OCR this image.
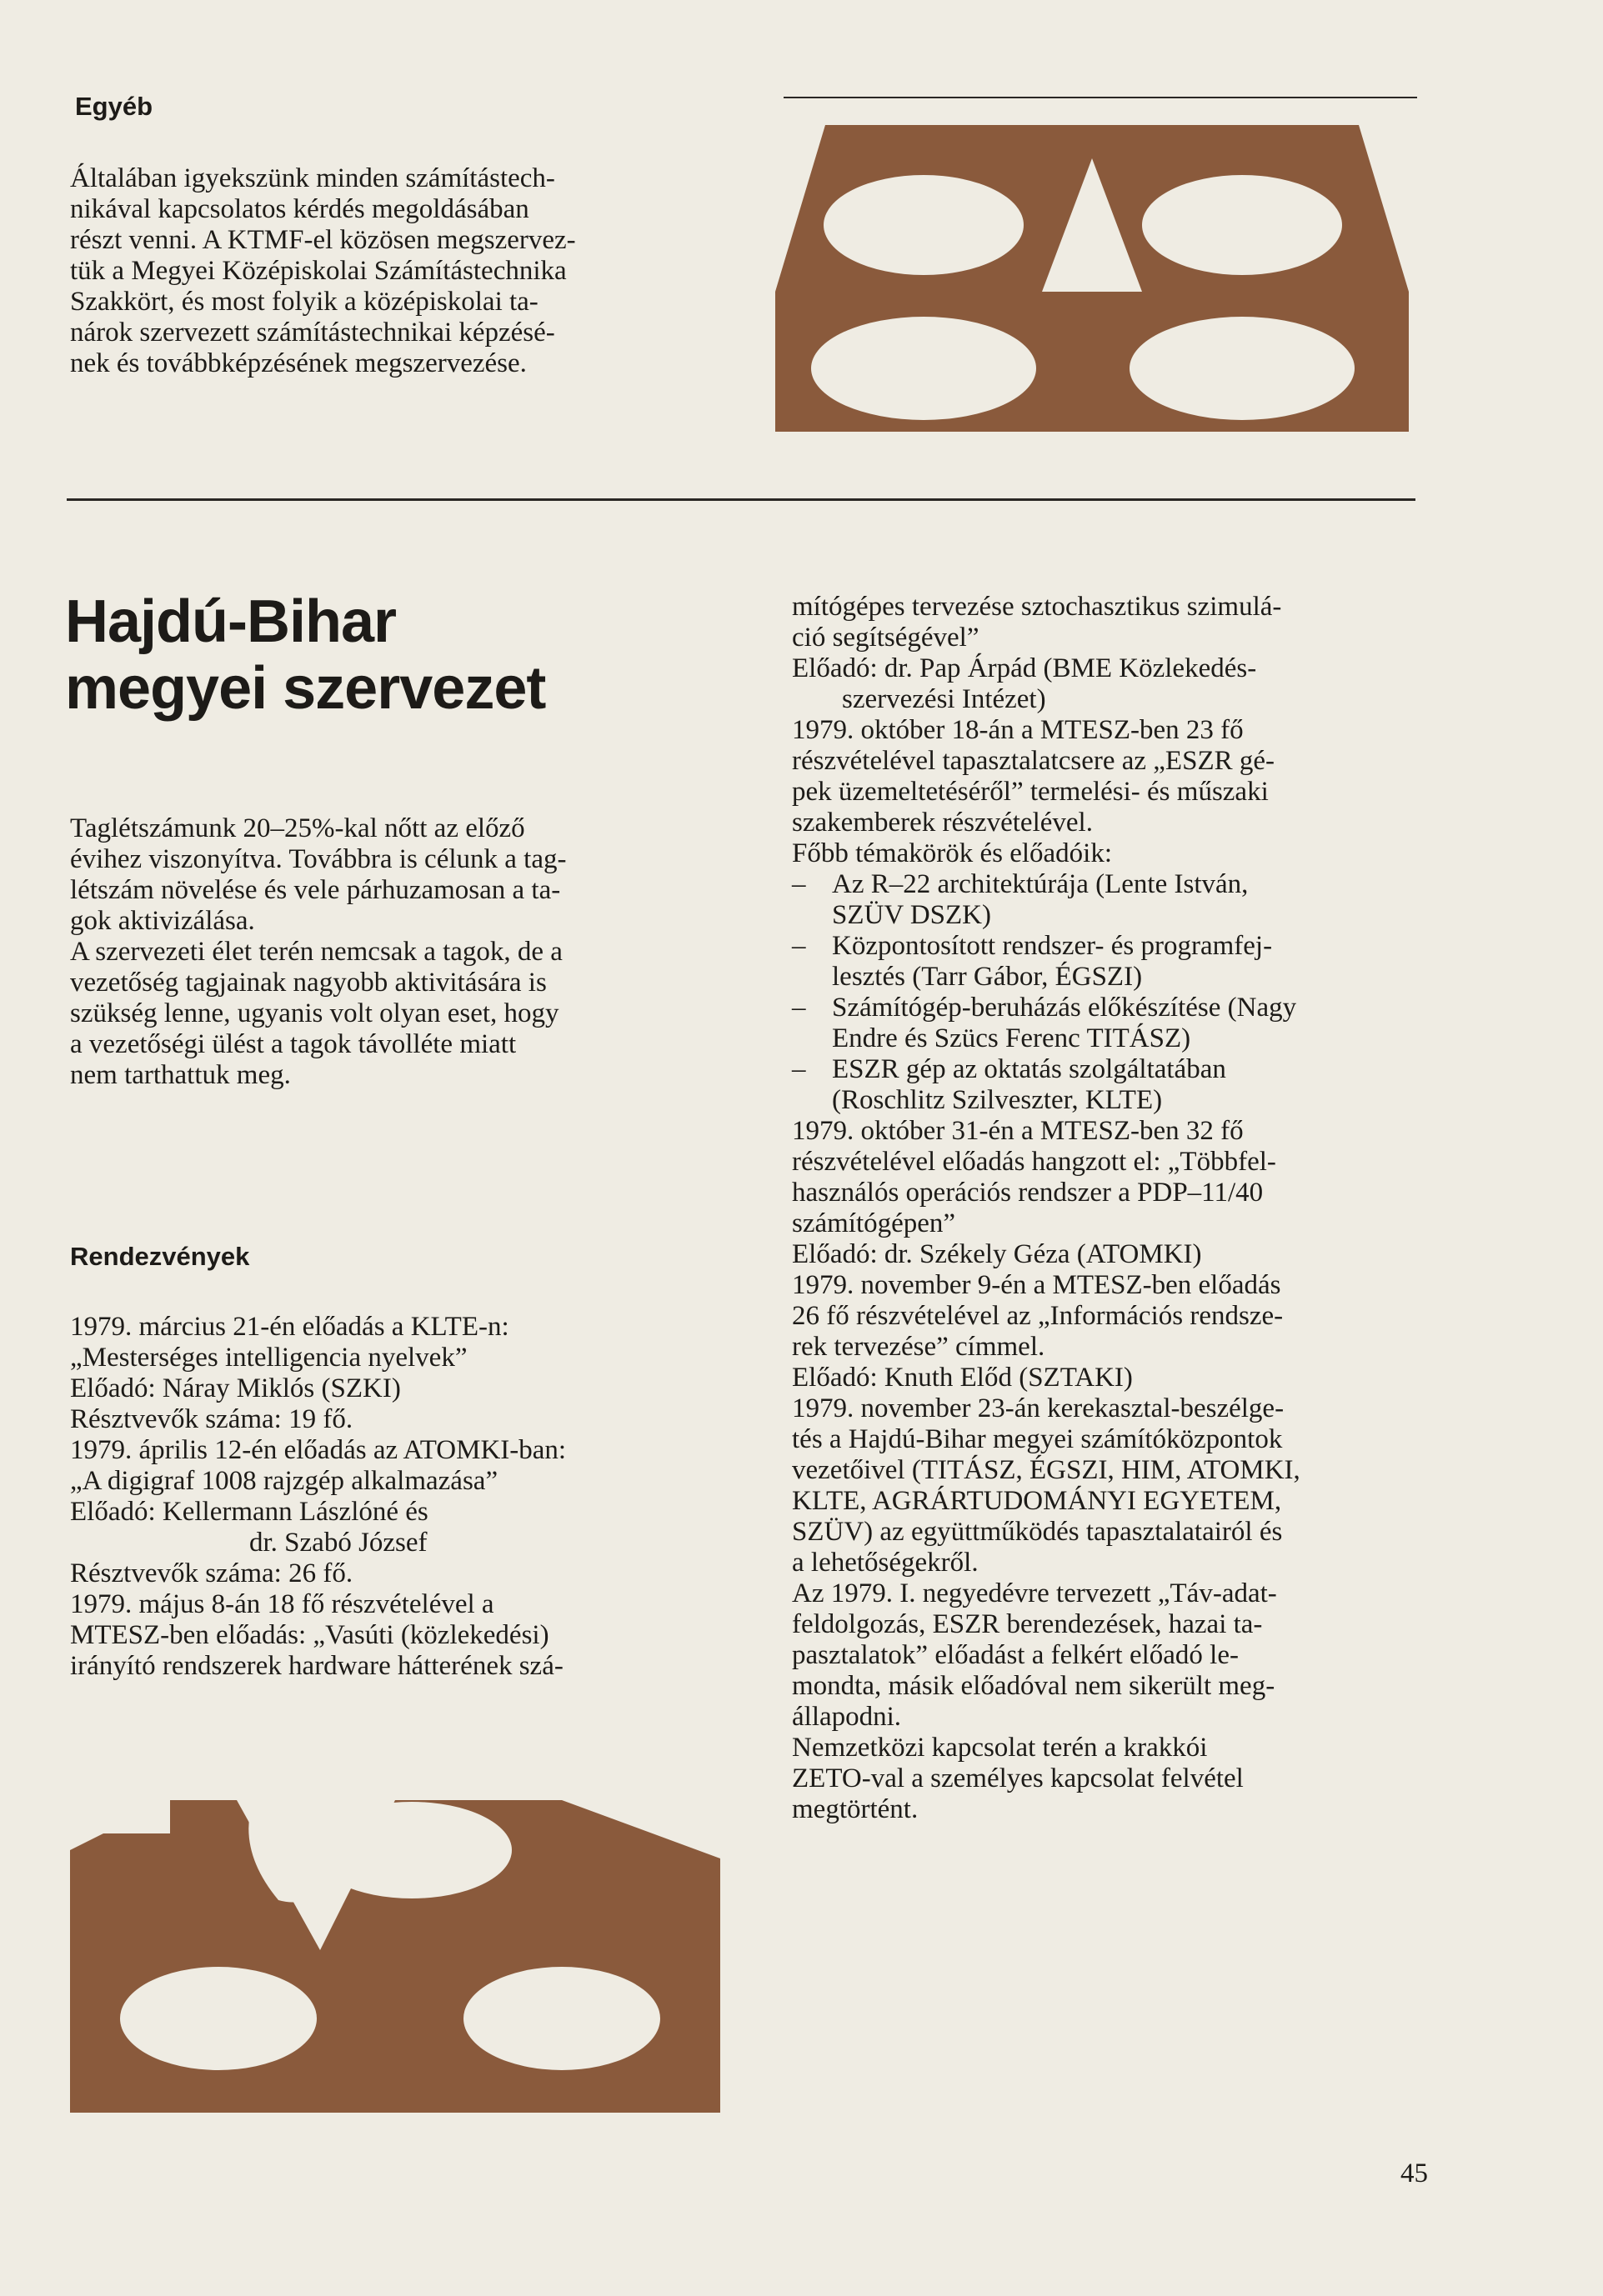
Egyéb

Általában igyekszünk minden számítástech-

nikával kapcsolatos kérdés megoldásában

részt venni. A KTMF-el közösen megszervez-

tük a Megyei Középiskolai Számítástechnika

Szakkört, és most folyik a középiskolai ta-

nárok szervezett számítástechnikai képzésé-

nek és továbbképzésének megszervezése.

Hajdú-Bihar
megyei szervezet

Taglétszámunk 20–25%-kal nőtt az előző

évihez viszonyítva. Továbbra is célunk a tag-

létszám növelése és vele párhuzamosan a ta-

gok aktivizálása.

A szervezeti élet terén nemcsak a tagok, de a

vezetőség tagjainak nagyobb aktivitására is

szükség lenne, ugyanis volt olyan eset, hogy

a vezetőségi ülést a tagok távolléte miatt

nem tarthattuk meg.

Rendezvények

1979. március 21-én előadás a KLTE-n:

„Mesterséges intelligencia nyelvek”

Előadó: Náray Miklós (SZKI)

Résztvevők száma: 19 fő.

1979. április 12-én előadás az ATOMKI-ban:

„A digigraf 1008 rajzgép alkalmazása”

Előadó: Kellermann Lászlóné és

dr. Szabó József

Résztvevők száma: 26 fő.

1979. május 8-án 18 fő részvételével a

MTESZ-ben előadás: „Vasúti (közlekedési)

irányító rendszerek hardware hátterének szá-

mítógépes tervezése sztochasztikus szimulá-

ció segítségével”

Előadó: dr. Pap Árpád (BME Közlekedés-

szervezési Intézet)

1979. október 18-án a MTESZ-ben 23 fő

részvételével tapasztalatcsere az „ESZR gé-

pek üzemeltetéséről” termelési- és műszaki

szakemberek részvételével.

Főbb témakörök és előadóik:

– Az R–22 architektúrája (Lente István,
SZÜV DSZK)
– Központosított rendszer- és programfej-
lesztés (Tarr Gábor, ÉGSZI)
– Számítógép-beruházás előkészítése (Nagy
Endre és Szücs Ferenc TITÁSZ)
– ESZR gép az oktatás szolgáltatában
(Roschlitz Szilveszter, KLTE)

1979. október 31-én a MTESZ-ben 32 fő

részvételével előadás hangzott el: „Többfel-

használós operációs rendszer a PDP–11/40

számítógépen”

Előadó: dr. Székely Géza (ATOMKI)

1979. november 9-én a MTESZ-ben előadás

26 fő részvételével az „Információs rendsze-

rek tervezése” címmel.

Előadó: Knuth Előd (SZTAKI)

1979. november 23-án kerekasztal-beszélge-

tés a Hajdú-Bihar megyei számítóközpontok

vezetőivel (TITÁSZ, ÉGSZI, HIM, ATOMKI,

KLTE, AGRÁRTUDOMÁNYI EGYETEM,

SZÜV) az együttműködés tapasztalatairól és

a lehetőségekről.

Az 1979. I. negyedévre tervezett „Táv-adat-

feldolgozás, ESZR berendezések, hazai ta-

pasztalatok” előadást a felkért előadó le-

mondta, másik előadóval nem sikerült meg-

állapodni.

Nemzetközi kapcsolat terén a krakkói

ZETO-val a személyes kapcsolat felvétel

megtörtént.

45
